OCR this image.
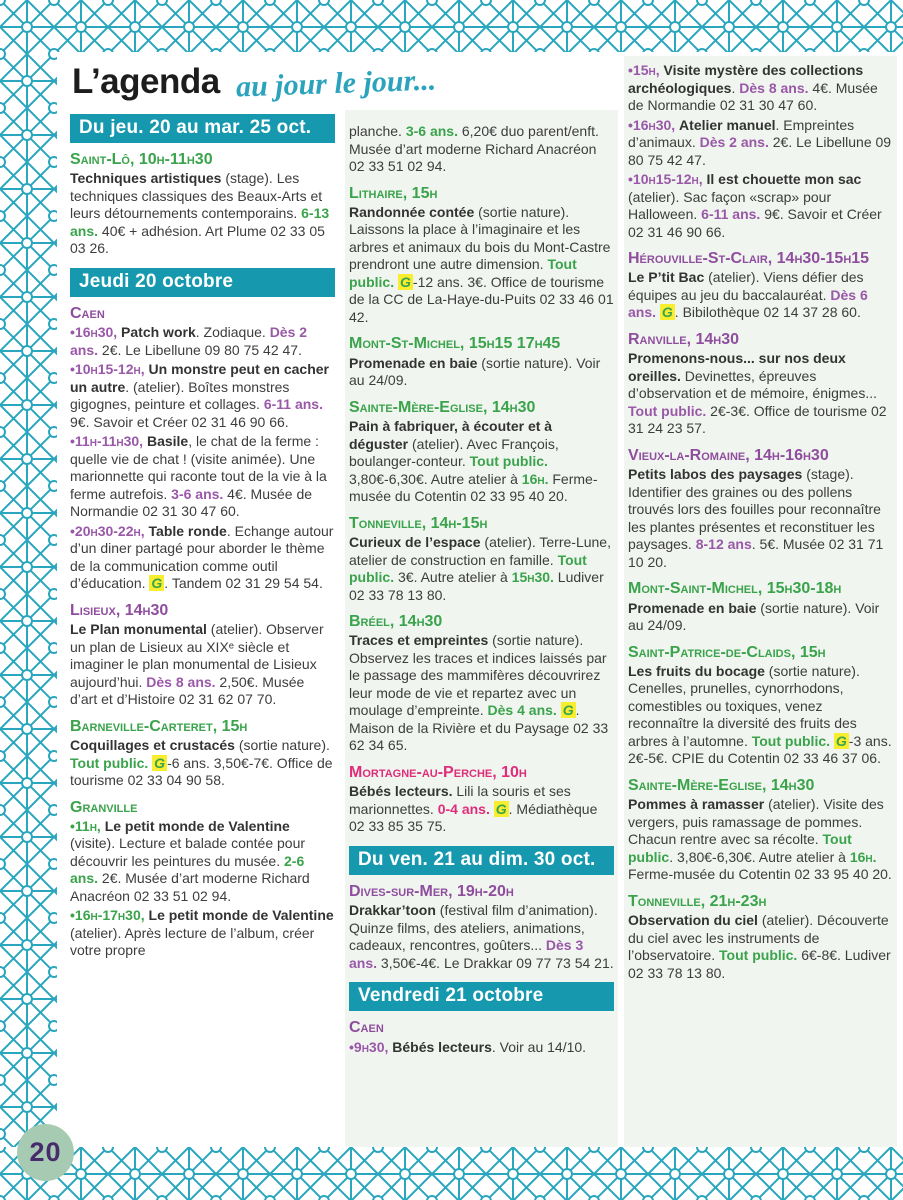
L’agenda au jour le jour...
Du jeu. 20 au mar. 25 oct.
Saint-Lô, 10h-11h30

Techniques artistiques (stage). Les techniques classiques des Beaux-Arts et leurs détournements contemporains. 6-13 ans. 40€ + adhésion. Art Plume 02 33 05 03 26.

Jeudi 20 octobre
Caen

•16h30, Patch work. Zodiaque. Dès 2 ans. 2€. Le Libellune 09 80 75 42 47.

•10h15-12h, Un monstre peut en cacher un autre. (atelier). Boîtes monstres gigognes, peinture et collages. 6-11 ans. 9€. Savoir et Créer 02 31 46 90 66.

•11h-11h30, Basile, le chat de la ferme : quelle vie de chat ! (visite animée). Une marionnette qui raconte tout de la vie à la ferme autrefois. 3-6 ans. 4€. Musée de Normandie 02 31 30 47 60.

•20h30-22h, Table ronde. Echange autour d’un diner partagé pour aborder le thème de la communication comme outil d’éducation. G . Tandem 02 31 29 54 54.

Lisieux, 14h30

Le Plan monumental (atelier). Observer un plan de Lisieux au XIXᵉ siècle et imaginer le plan monumental de Lisieux aujourd’hui. Dès 8 ans. 2,50€. Musée d’art et d’Histoire 02 31 62 07 70.

Barneville-Carteret, 15h

Coquillages et crustacés (sortie nature). Tout public. G -6 ans. 3,50€-7€. Office de tourisme 02 33 04 90 58.

Granville

•11h, Le petit monde de Valentine (visite). Lecture et balade contée pour découvrir les peintures du musée. 2-6 ans. 2€. Musée d’art moderne Richard Anacréon 02 33 51 02 94.

•16h-17h30, Le petit monde de Valentine (atelier). Après lecture de l’album, créer votre propre

planche. 3-6 ans. 6,20€ duo parent/enft. Musée d’art moderne Richard Anacréon 02 33 51 02 94.

Lithaire, 15h

Randonnée contée (sortie nature). Laissons la place à l’imaginaire et les arbres et animaux du bois du Mont-Castre prendront une autre dimension. Tout public. G -12 ans. 3€. Office de tourisme de la CC de La-Haye-du-Puits 02 33 46 01 42.

Mont-St-Michel, 15h15 17h45

Promenade en baie (sortie nature). Voir au 24/09.

Sainte-Mère-Eglise, 14h30

Pain à fabriquer, à écouter et à déguster (atelier). Avec François, boulanger-conteur. Tout public. 3,80€-6,30€. Autre atelier à 16h. Ferme-musée du Cotentin 02 33 95 40 20.

Tonneville, 14h-15h

Curieux de l’espace (atelier). Terre-Lune, atelier de construction en famille. Tout public. 3€. Autre atelier à 15h30. Ludiver 02 33 78 13 80.

Bréel, 14h30

Traces et empreintes (sortie nature). Observez les traces et indices laissés par le passage des mammifères découvrirez leur mode de vie et repartez avec un moulage d’empreinte. Dès 4 ans. G . Maison de la Rivière et du Paysage 02 33 62 34 65.

Mortagne-au-Perche, 10h

Bébés lecteurs. Lili la souris et ses marionnettes. 0-4 ans. G . Médiathèque 02 33 85 35 75.

Du ven. 21 au dim. 30 oct.
Dives-sur-Mer, 19h-20h

Drakkar’toon (festival film d’animation). Quinze films, des ateliers, animations, cadeaux, rencontres, goûters... Dès 3 ans. 3,50€-4€. Le Drakkar 09 77 73 54 21.

Vendredi 21 octobre
Caen

•9h30, Bébés lecteurs. Voir au 14/10.

•15h, Visite mystère des collections archéologiques. Dès 8 ans. 4€. Musée de Normandie 02 31 30 47 60.

•16h30, Atelier manuel. Empreintes d’animaux. Dès 2 ans. 2€. Le Libellune 09 80 75 42 47.

•10h15-12h, Il est chouette mon sac (atelier). Sac façon «scrap» pour Halloween. 6-11 ans. 9€. Savoir et Créer 02 31 46 90 66.

Hérouville-St-Clair, 14h30-15h15

Le P’tit Bac (atelier). Viens défier des équipes au jeu du baccalauréat. Dès 6 ans. G . Bibilothèque 02 14 37 28 60.

Ranville, 14h30

Promenons-nous... sur nos deux oreilles. Devinettes, épreuves d’observation et de mémoire, énigmes... Tout public. 2€-3€. Office de tourisme 02 31 24 23 57.

Vieux-la-Romaine, 14h-16h30

Petits labos des paysages (stage). Identifier des graines ou des pollens trouvés lors des fouilles pour reconnaître les plantes présentes et reconstituer les paysages. 8-12 ans. 5€. Musée 02 31 71 10 20.

Mont-Saint-Michel, 15h30-18h

Promenade en baie (sortie nature). Voir au 24/09.

Saint-Patrice-de-Claids, 15h

Les fruits du bocage (sortie nature). Cenelles, prunelles, cynorrhodons, comestibles ou toxiques, venez reconnaître la diversité des fruits des arbres à l’automne. Tout public. G -3 ans. 2€-5€. CPIE du Cotentin 02 33 46 37 06.

Sainte-Mère-Eglise, 14h30

Pommes à ramasser (atelier). Visite des vergers, puis ramassage de pommes. Chacun rentre avec sa récolte. Tout public. 3,80€-6,30€. Autre atelier à 16h. Ferme-musée du Cotentin 02 33 95 40 20.

Tonneville, 21h-23h

Observation du ciel (atelier). Découverte du ciel avec les instruments de l’observatoire. Tout public. 6€-8€. Ludiver 02 33 78 13 80.

20
